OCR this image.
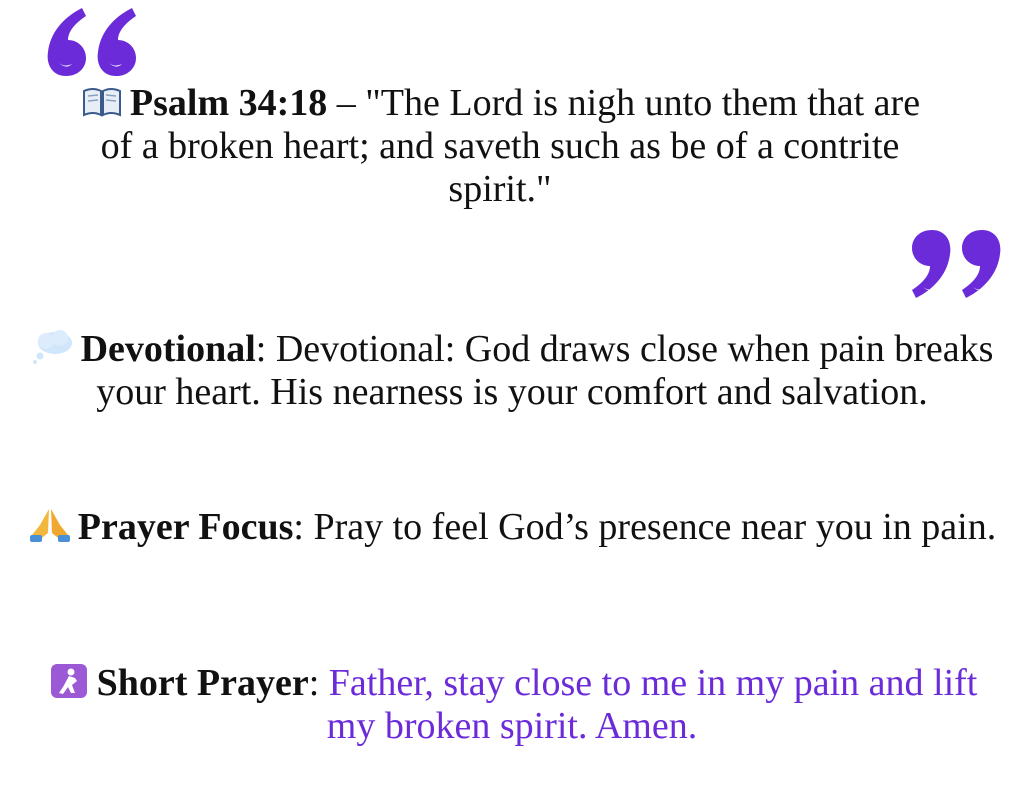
Psalm 34:18 – "The Lord is nigh unto them that are of a broken heart; and saveth such as be of a contrite spirit."
Devotional: Devotional: God draws close when pain breaks your heart. His nearness is your comfort and salvation.
Prayer Focus: Pray to feel God’s presence near you in pain.
Short Prayer: Father, stay close to me in my pain and lift my broken spirit. Amen.
